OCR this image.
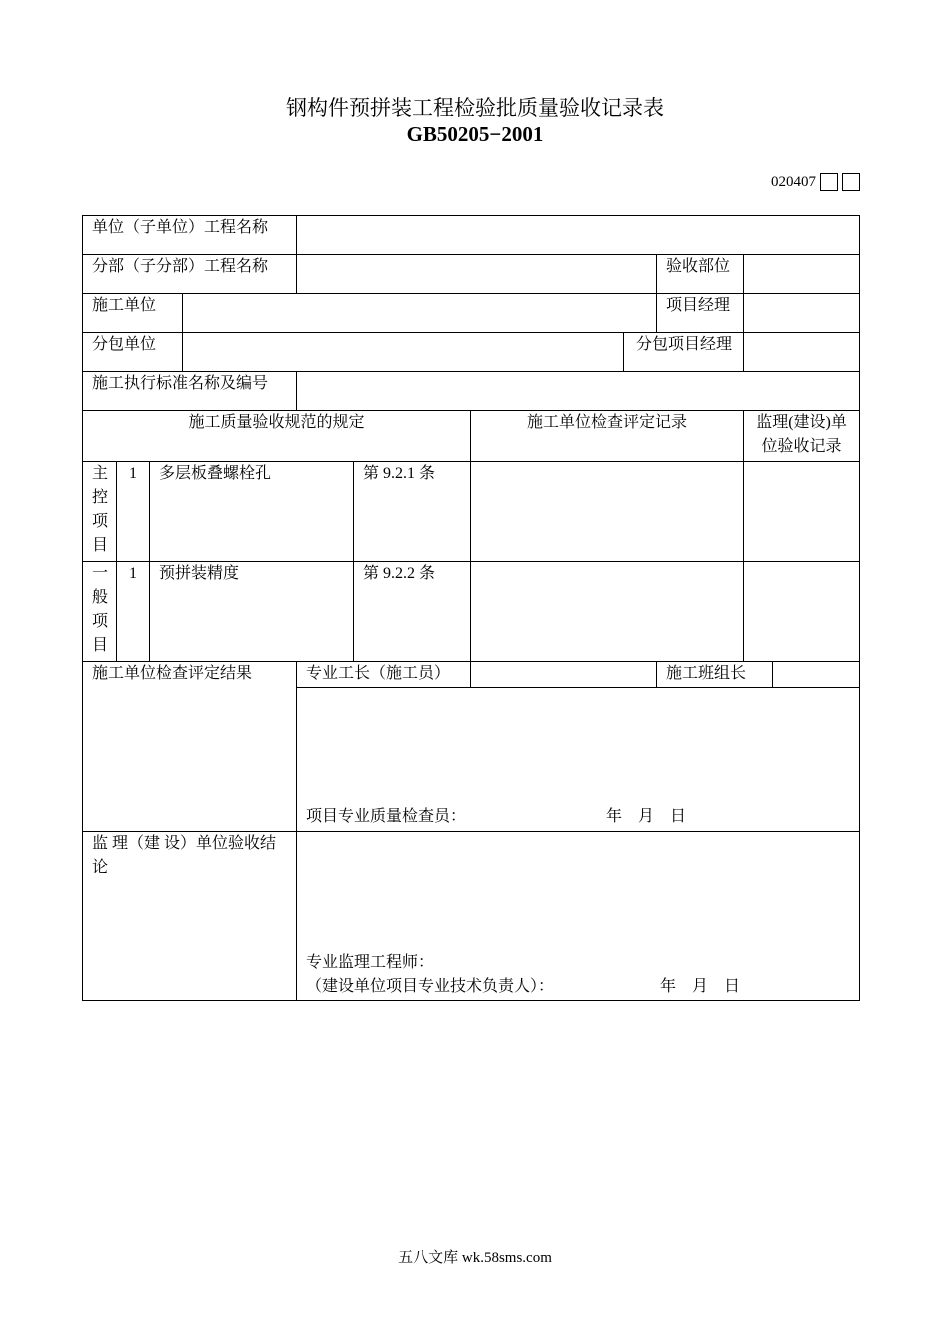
钢构件预拼装工程检验批质量验收记录表
GB50205−2001
020407
单位（子单位）工程名称										
分部（子分部）工程名称								验收部位		
施工单位								项目经理		
分包单位							分包项目经理			
施工执行标准名称及编号										
施工质量验收规范的规定						施工单位检查评定记录			监理(建设)单
位验收记录	

主
控
项
目	1	多层板叠螺栓孔			第 9.2.1 条					

一
般
项
目	1	预拼装精度			第 9.2.2 条					
施工单位检查评定结果				专业工长（施工员）				施工班组长		

				项目专业质量检查员： 年　月　日						

监 理（建 设）单位验收结论				专业监理工程师：
（建设单位项目专业技术负责人）： 年　月　日						
五八文库 wk.58sms.com
